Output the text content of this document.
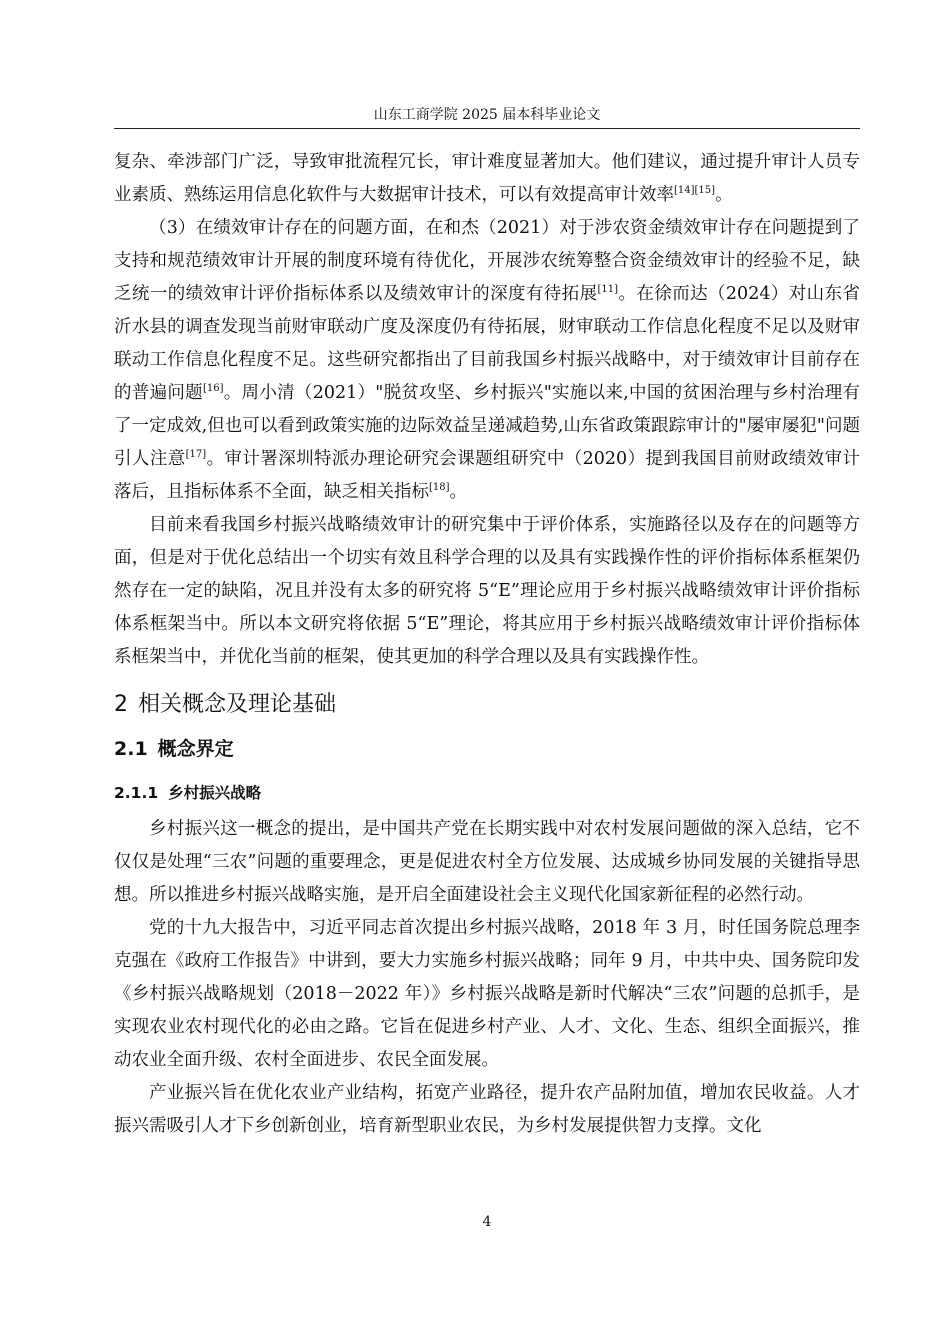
山东工商学院 2025 届本科毕业论文

复杂、牵涉部门广泛，导致审批流程冗长，审计难度显著加大。他们建议，通过提升审计人员专业素质、熟练运用信息化软件与大数据审计技术，可以有效提高审计效率[14][15]。

（3）在绩效审计存在的问题方面，在和杰（2021）对于涉农资金绩效审计存在问题提到了支持和规范绩效审计开展的制度环境有待优化，开展涉农统筹整合资金绩效审计的经验不足，缺乏统一的绩效审计评价指标体系以及绩效审计的深度有待拓展[11]。在徐而达（2024）对山东省沂水县的调查发现当前财审联动广度及深度仍有待拓展，财审联动工作信息化程度不足以及财审联动工作信息化程度不足。这些研究都指出了目前我国乡村振兴战略中，对于绩效审计目前存在的普遍问题[16]。周小清（2021）"脱贫攻坚、乡村振兴"实施以来,中国的贫困治理与乡村治理有了一定成效,但也可以看到政策实施的边际效益呈递减趋势,山东省政策跟踪审计的"屡审屡犯"问题引人注意[17]。审计署深圳特派办理论研究会课题组研究中（2020）提到我国目前财政绩效审计落后，且指标体系不全面，缺乏相关指标[18]。

目前来看我国乡村振兴战略绩效审计的研究集中于评价体系，实施路径以及存在的问题等方面，但是对于优化总结出一个切实有效且科学合理的以及具有实践操作性的评价指标体系框架仍然存在一定的缺陷，况且并没有太多的研究将 5“E”理论应用于乡村振兴战略绩效审计评价指标体系框架当中。所以本文研究将依据 5“E”理论，将其应用于乡村振兴战略绩效审计评价指标体系框架当中，并优化当前的框架，使其更加的科学合理以及具有实践操作性。

2 相关概念及理论基础
2.1 概念界定
2.1.1 乡村振兴战略

乡村振兴这一概念的提出，是中国共产党在长期实践中对农村发展问题做的深入总结，它不仅仅是处理“三农”问题的重要理念，更是促进农村全方位发展、达成城乡协同发展的关键指导思想。所以推进乡村振兴战略实施，是开启全面建设社会主义现代化国家新征程的必然行动。

党的十九大报告中，习近平同志首次提出乡村振兴战略，2018 年 3 月，时任国务院总理李克强在《政府工作报告》中讲到，要大力实施乡村振兴战略；同年 9 月，中共中央、国务院印发《乡村振兴战略规划（2018－2022 年）》乡村振兴战略是新时代解决“三农”问题的总抓手，是实现农业农村现代化的必由之路。它旨在促进乡村产业、人才、文化、生态、组织全面振兴，推动农业全面升级、农村全面进步、农民全面发展。

产业振兴旨在优化农业产业结构，拓宽产业路径，提升农产品附加值，增加农民收益。人才振兴需吸引人才下乡创新创业，培育新型职业农民，为乡村发展提供智力支撑。文化

4
